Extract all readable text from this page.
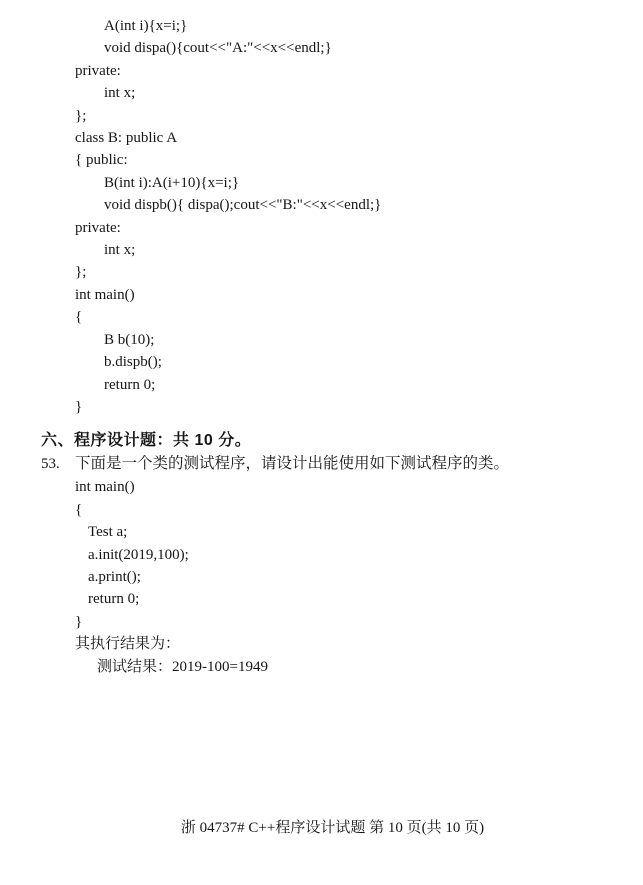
A(int i){x=i;}
void dispa(){cout<<"A:"<<x<<endl;}
private:
int x;
};
class B: public A
{ public:
B(int i):A(i+10){x=i;}
void dispb(){ dispa();cout<<"B:"<<x<<endl;}
private:
int x;
};
int main()
{
B b(10);
b.dispb();
return 0;
}
六、程序设计题：共 10 分。
53. 下面是一个类的测试程序，请设计出能使用如下测试程序的类。
int main()
{
Test a;
a.init(2019,100);
a.print();
return 0;
}
其执行结果为：
测试结果：2019-100=1949
浙 04737# C++程序设计试题 第 10 页(共 10 页)
